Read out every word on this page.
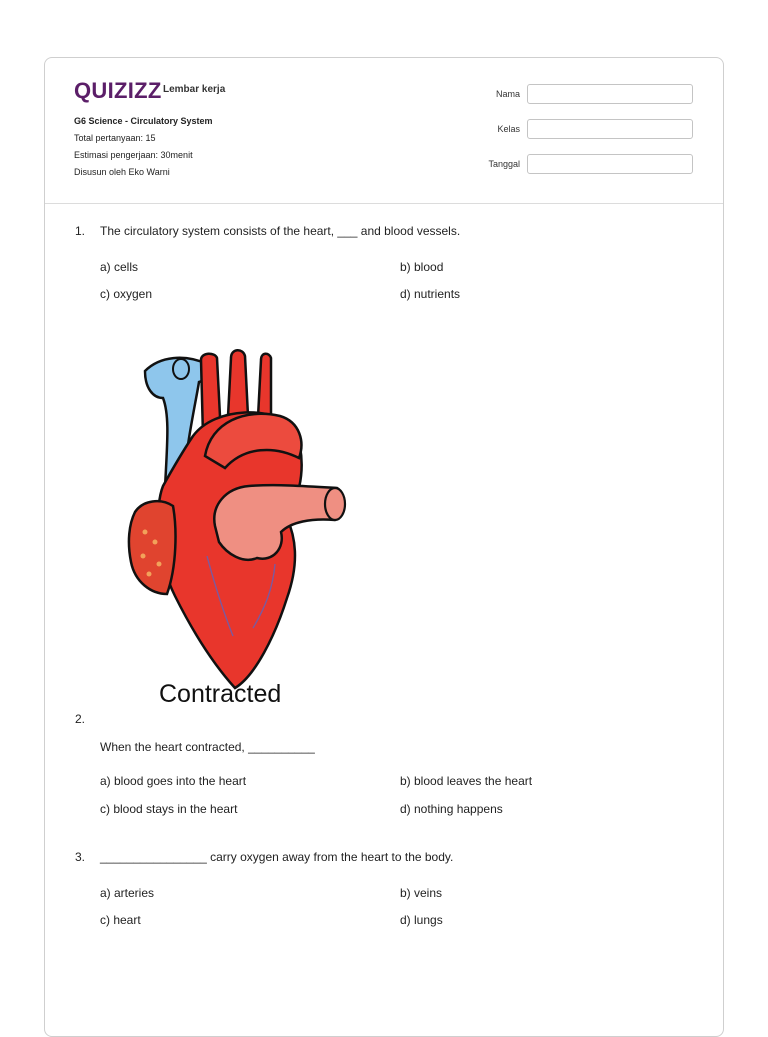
QUIZIZZ Lembar kerja
G6 Science - Circulatory System
Total pertanyaan: 15
Estimasi pengerjaan: 30menit
Disusun oleh Eko Warni
Nama
Kelas
Tanggal
1. The circulatory system consists of the heart, ___ and blood vessels.
a) cells	b) blood
c) oxygen	d) nutrients
Contracted
2.
When the heart contracted, __________
a) blood goes into the heart	b) blood leaves the heart
c) blood stays in the heart	d) nothing happens
3. ________________ carry oxygen away from the heart to the body.
a) arteries	b) veins
c) heart	d) lungs
